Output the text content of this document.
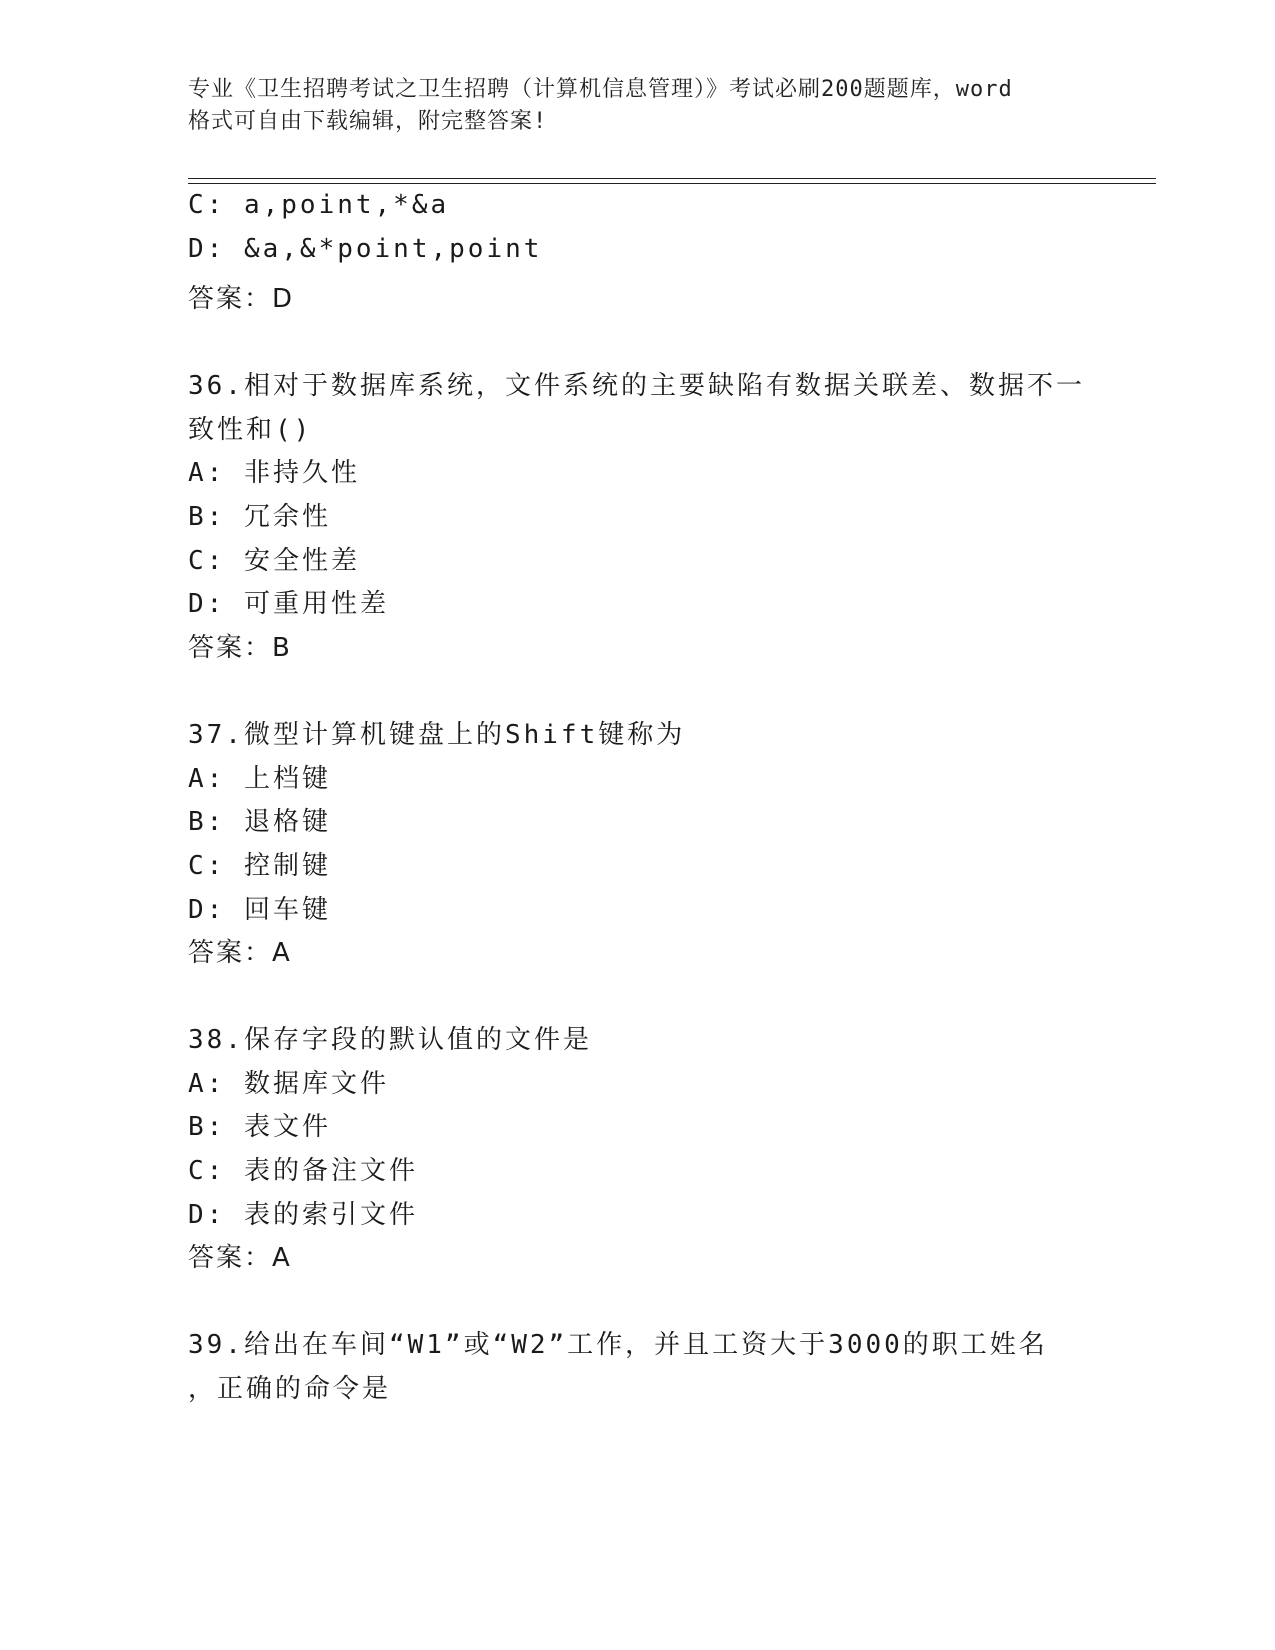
专业《卫生招聘考试之卫生招聘（计算机信息管理）》考试必刷200题题库，word
格式可自由下载编辑，附完整答案!
C: a,point,*&a
D: &a,&*point,point
答案：D
36.相对于数据库系统，文件系统的主要缺陷有数据关联差、数据不一
致性和()
A: 非持久性
B: 冗余性
C: 安全性差
D: 可重用性差
答案：B
37.微型计算机键盘上的Shift键称为
A: 上档键
B: 退格键
C: 控制键
D: 回车键
答案：A
38.保存字段的默认值的文件是
A: 数据库文件
B: 表文件
C: 表的备注文件
D: 表的索引文件
答案：A
39.给出在车间“W1”或“W2”工作，并且工资大于3000的职工姓名
，正确的命令是
